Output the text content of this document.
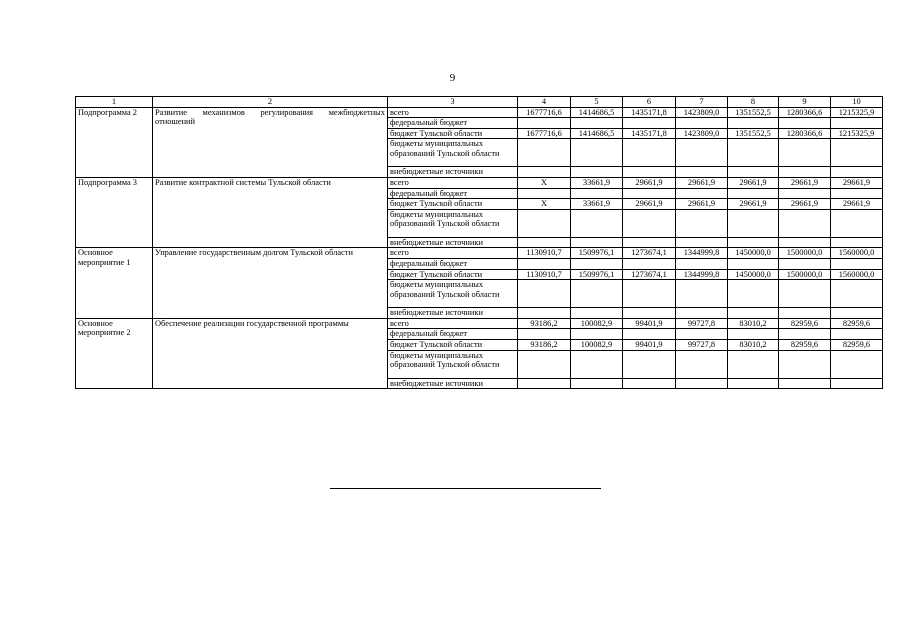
9
1	2	3	4	5	6	7	8	9	10
Подпрограмма 2	Развитие механизмов регулирования межбюджетных отношений	всего	1677716,6	1414686,5	1435171,8	1423809,0	1351552,5	1280366,6	1215325,9
		федеральный бюджет							
		бюджет Тульской области	1677716,6	1414686,5	1435171,8	1423809,0	1351552,5	1280366,6	1215325,9
		бюджеты муниципальных образований Тульской области							
		внебюджетные источники							
Подпрограмма 3	Развитие контрактной системы Тульской области	всего	X	33661,9	29661,9	29661,9	29661,9	29661,9	29661,9
		федеральный бюджет							
		бюджет Тульской области	X	33661,9	29661,9	29661,9	29661,9	29661,9	29661,9
		бюджеты муниципальных образований Тульской области							
		внебюджетные источники							
Основное мероприятие 1	Управление государственным долгом Тульской области	всего	1130910,7	1509976,1	1273674,1	1344999,8	1450000,0	1500000,0	1560000,0
		федеральный бюджет							
		бюджет Тульской области	1130910,7	1509976,1	1273674,1	1344999,8	1450000,0	1500000,0	1560000,0
		бюджеты муниципальных образований Тульской области							
		внебюджетные источники							
Основное мероприятие 2	Обеспечение реализации государственной программы	всего	93186,2	100082,9	99401,9	99727,8	83010,2	82959,6	82959,6
		федеральный бюджет							
		бюджет Тульской области	93186,2	100082,9	99401,9	99727,8	83010,2	82959,6	82959,6
		бюджеты муниципальных образований Тульской области							
		внебюджетные источники							
